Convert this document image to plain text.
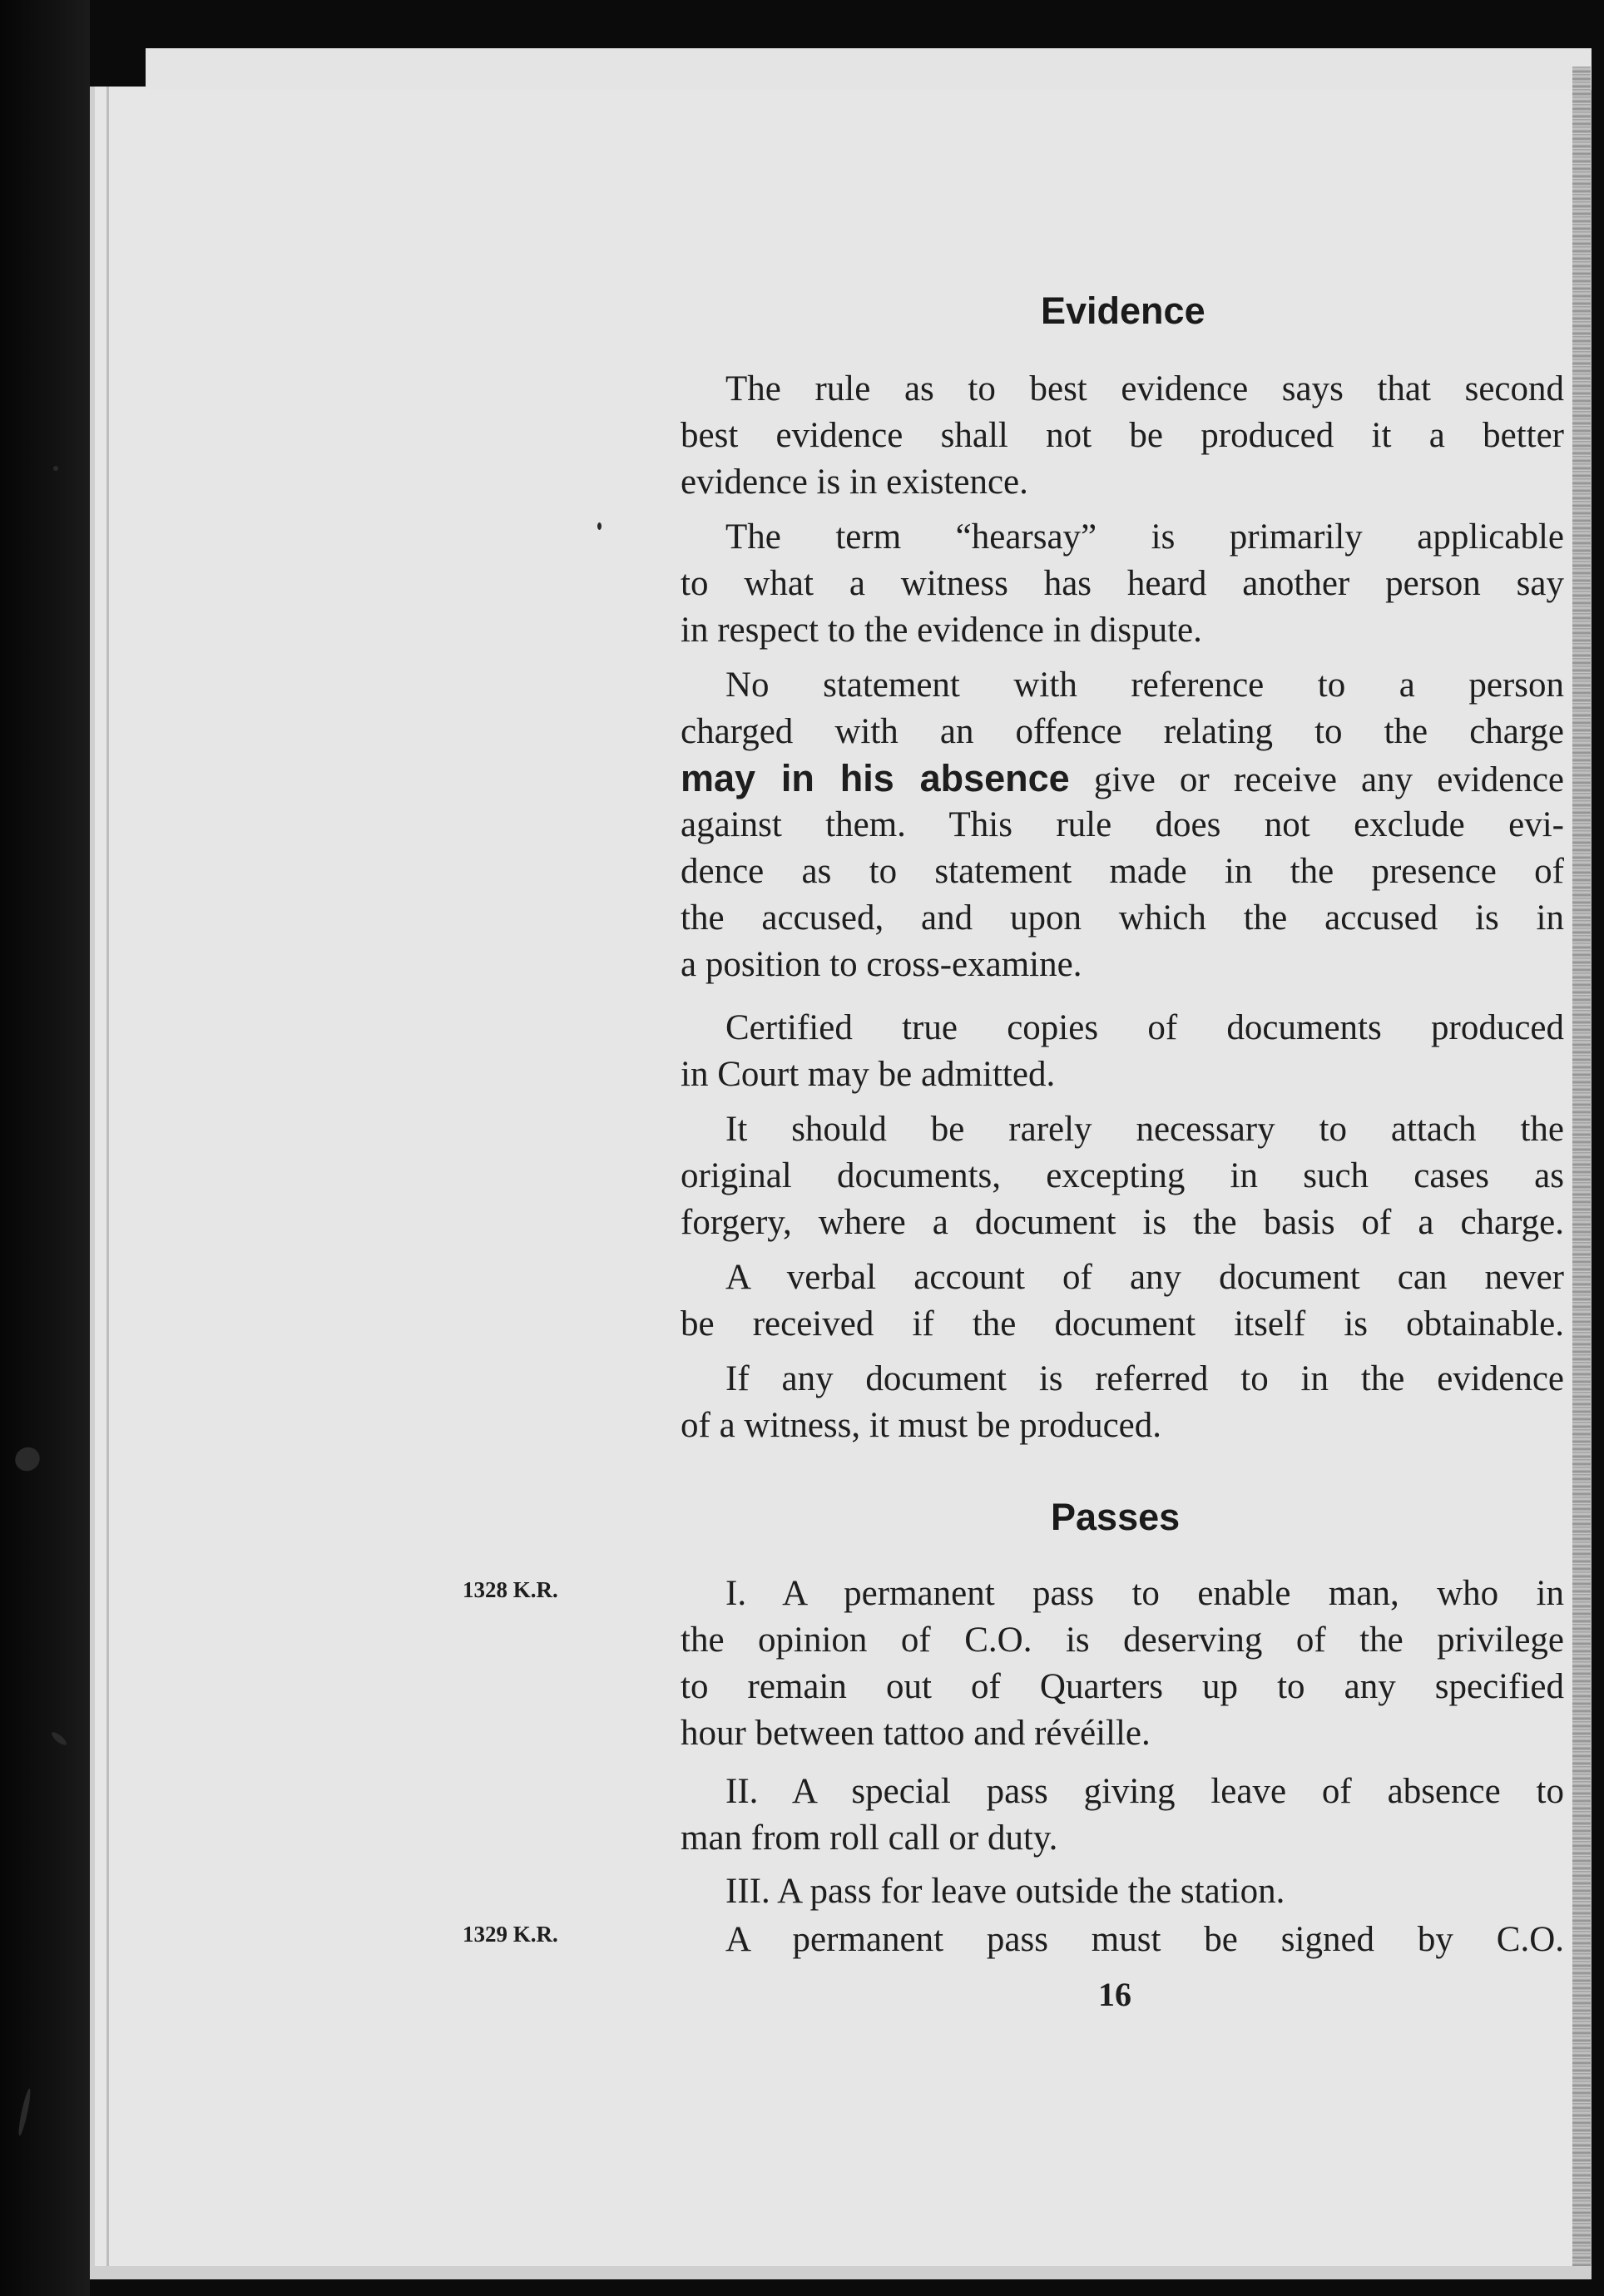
Evidence

The rule as to best evidence says that second

best evidence shall not be produced it a better

evidence is in existence.

The term “hearsay” is primarily applicable

to what a witness has heard another person say

in respect to the evidence in dispute.

No statement with reference to a person

charged with an offence relating to the charge

may in his absence give or receive any evidence

against them. This rule does not exclude evi-

dence as to statement made in the presence of

the accused, and upon which the accused is in

a position to cross-examine.

Certified true copies of documents produced

in Court may be admitted.

It should be rarely necessary to attach the

original documents, excepting in such cases as

forgery, where a document is the basis of a charge.

A verbal account of any document can never

be received if the document itself is obtainable.

If any document is referred to in the evidence

of a witness, it must be produced.

Passes
1328 K.R.
1329 K.R.

I. A permanent pass to enable man, who in

the opinion of C.O. is deserving of the privilege

to remain out of Quarters up to any specified

hour between tattoo and révéille.

II. A special pass giving leave of absence to

man from roll call or duty.

III. A pass for leave outside the station.

A permanent pass must be signed by C.O.

16
